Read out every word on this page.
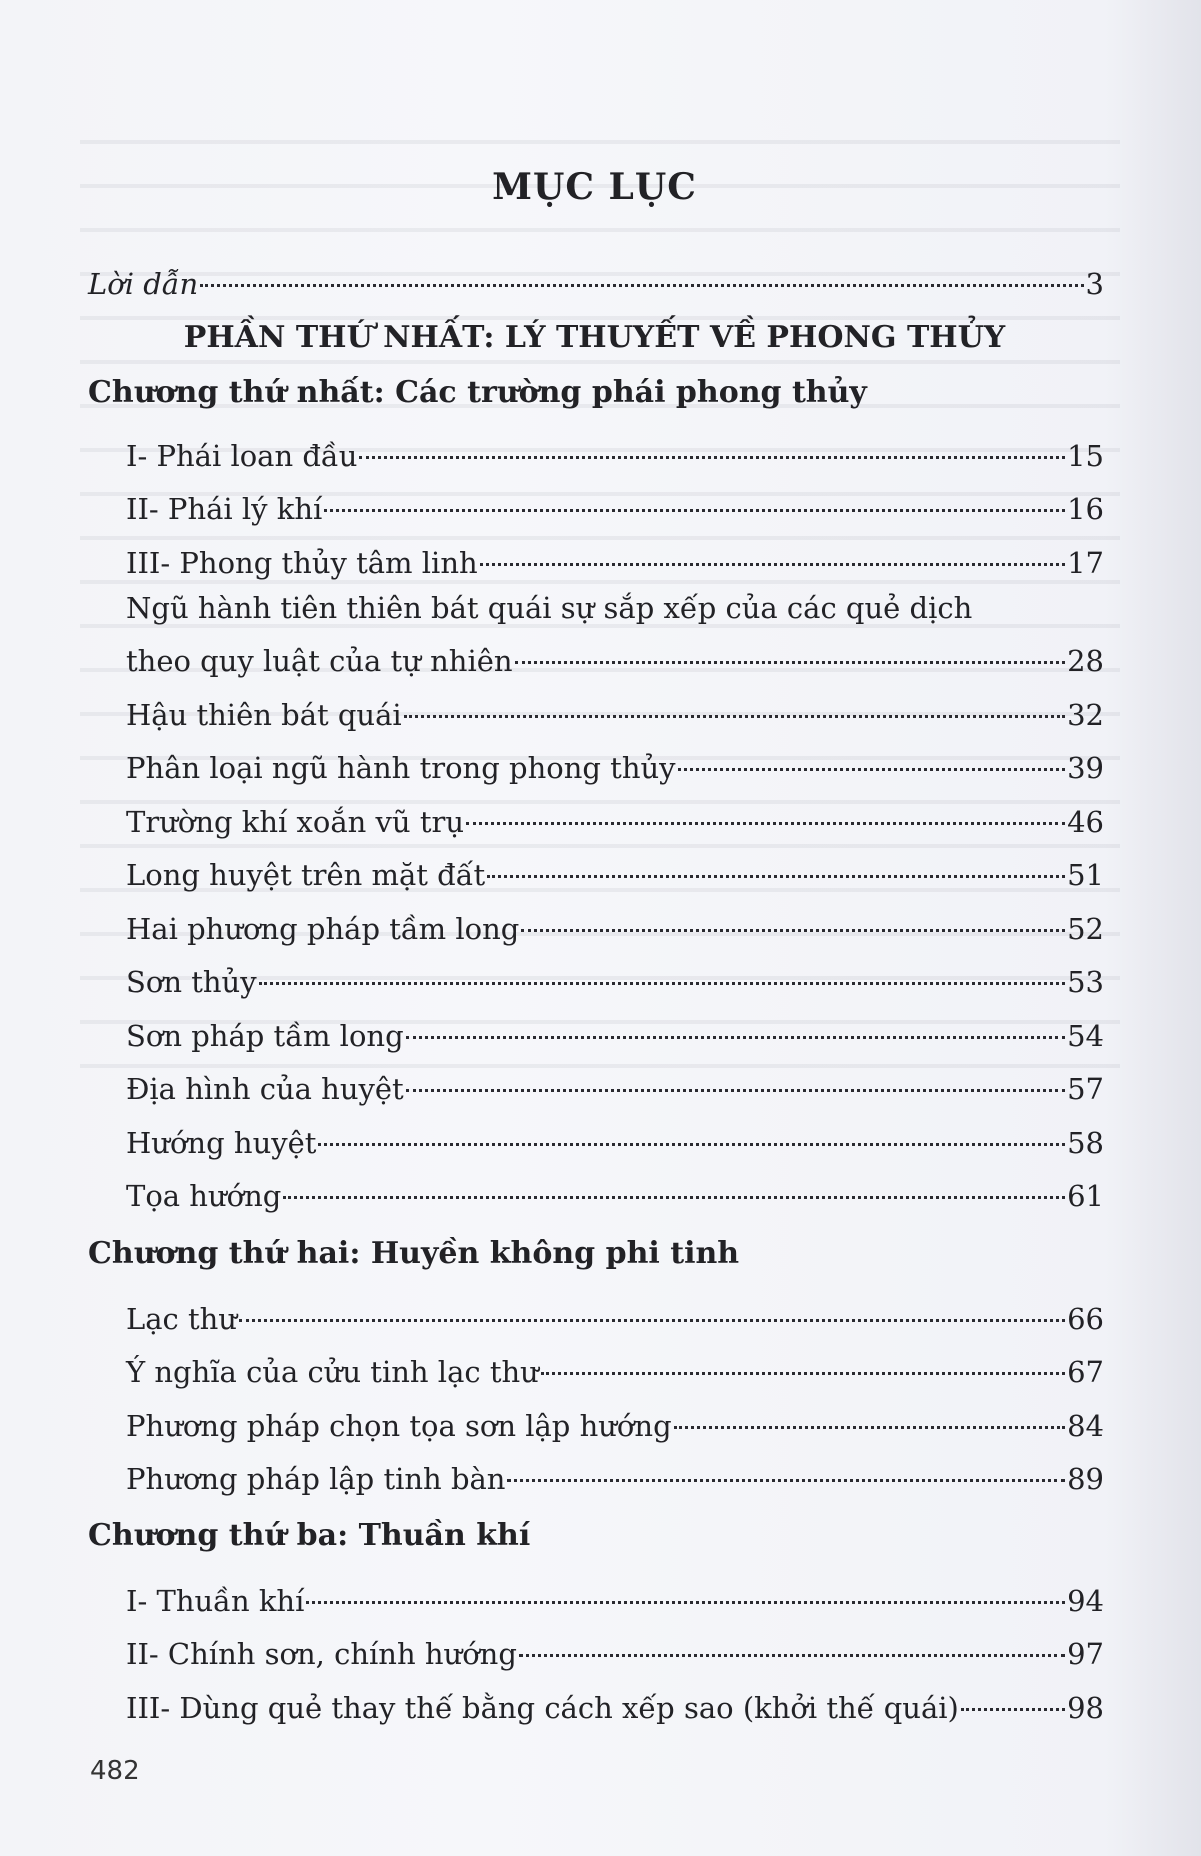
MỤC LỤC
Lời dẫn	3
PHẦN THỨ NHẤT: LÝ THUYẾT VỀ PHONG THỦY
Chương thứ nhất: Các trường phái phong thủy
I- Phái loan đầu	15
II- Phái lý khí	16
III- Phong thủy tâm linh	17
Ngũ hành tiên thiên bát quái sự sắp xếp của các quẻ dịch
theo quy luật của tự nhiên	28
Hậu thiên bát quái	32
Phân loại ngũ hành trong phong thủy	39
Trường khí xoắn vũ trụ	46
Long huyệt trên mặt đất	51
Hai phương pháp tầm long	52
Sơn thủy	53
Sơn pháp tầm long	54
Địa hình của huyệt	57
Hướng huyệt	58
Tọa hướng	61
Chương thứ hai: Huyền không phi tinh
Lạc thư	66
Ý nghĩa của cửu tinh lạc thư	67
Phương pháp chọn tọa sơn lập hướng	84
Phương pháp lập tinh bàn	89
Chương thứ ba: Thuần khí
I- Thuần khí	94
II- Chính sơn, chính hướng	97
III- Dùng quẻ thay thế bằng cách xếp sao (khởi thế quái)	98
482
